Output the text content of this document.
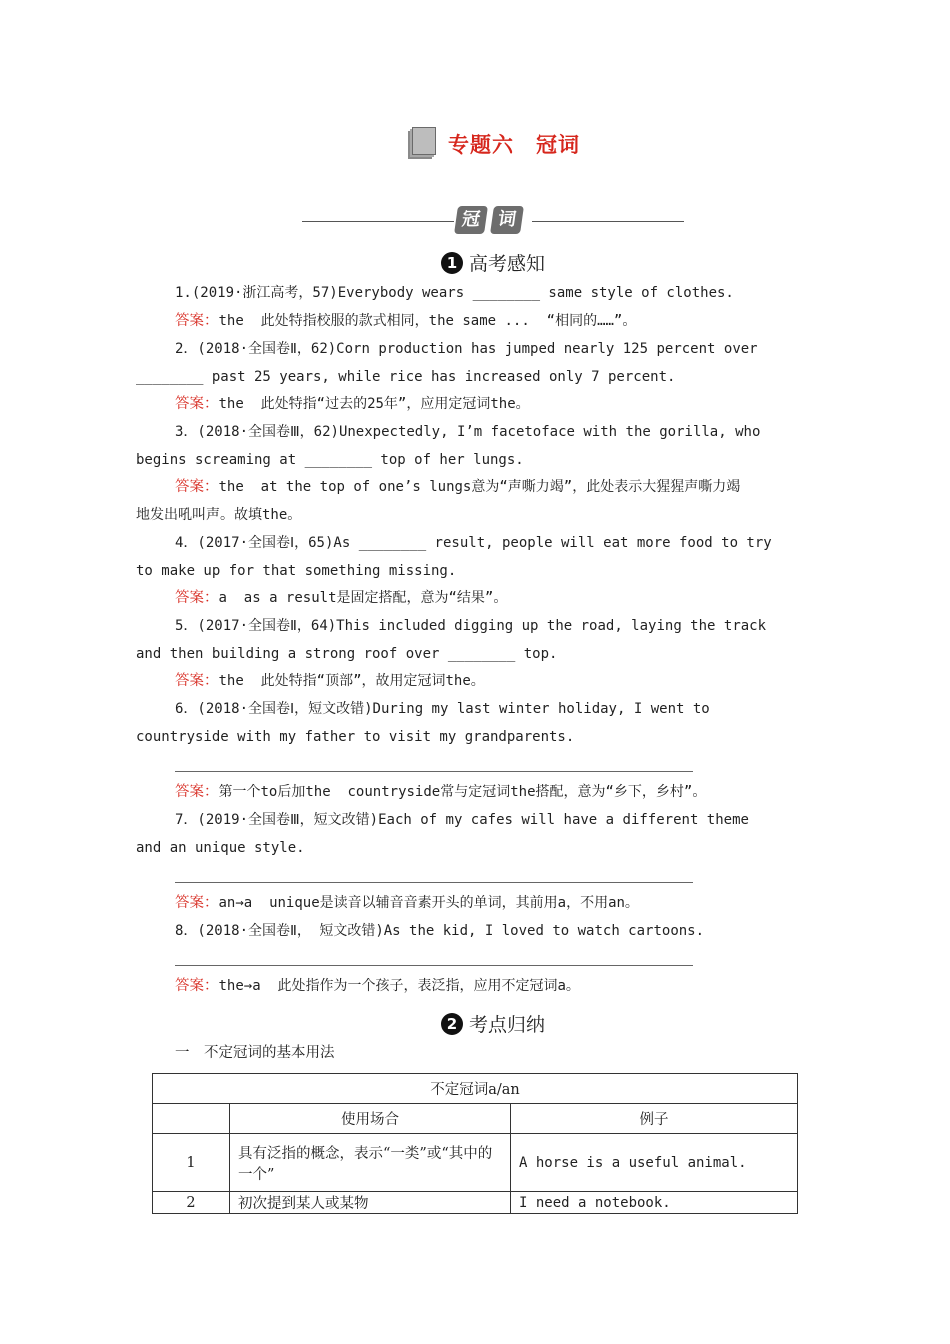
专题六　冠词
冠 词
1 高考感知
1.(2019·浙江高考，57)Everybody wears ________ same style of clothes.
答案：the  此处特指校服的款式相同，the same ...  “相同的……”。
2．(2018·全国卷Ⅱ，62)Corn production has jumped nearly 125 percent over
________ past 25 years, while rice has increased only 7 percent.
答案：the  此处特指“过去的25年”，应用定冠词the。
3．(2018·全国卷Ⅲ，62)Unexpectedly, I’m facetoface with the gorilla, who
begins screaming at ________ top of her lungs.
答案：the  at the top of one’s lungs意为“声嘶力竭”，此处表示大猩猩声嘶力竭
地发出吼叫声。故填the。
4．(2017·全国卷Ⅰ，65)As ________ result, people will eat more food to try
to make up for that something missing.
答案：a  as a result是固定搭配，意为“结果”。
5．(2017·全国卷Ⅱ，64)This included digging up the road, laying the track
and then building a strong roof over ________ top.
答案：the  此处特指“顶部”，故用定冠词the。
6．(2018·全国卷Ⅰ，短文改错)During my last winter holiday, I went to
countryside with my father to visit my grandparents.
答案：第一个to后加the  countryside常与定冠词the搭配，意为“乡下，乡村”。
7．(2019·全国卷Ⅲ，短文改错)Each of my cafes will have a different theme
and an unique style.
答案：an→a  unique是读音以辅音音素开头的单词，其前用a，不用an。
8．(2018·全国卷Ⅱ， 短文改错)As the kid, I loved to watch cartoons.
答案：the→a  此处指作为一个孩子，表泛指，应用不定冠词a。
2 考点归纳
一　不定冠词的基本用法
不定冠词a/an		
	使用场合	例子
1	具有泛指的概念，表示“一类”或“其中的一个”	A horse is a useful animal.
2	初次提到某人或某物	I need a notebook.
